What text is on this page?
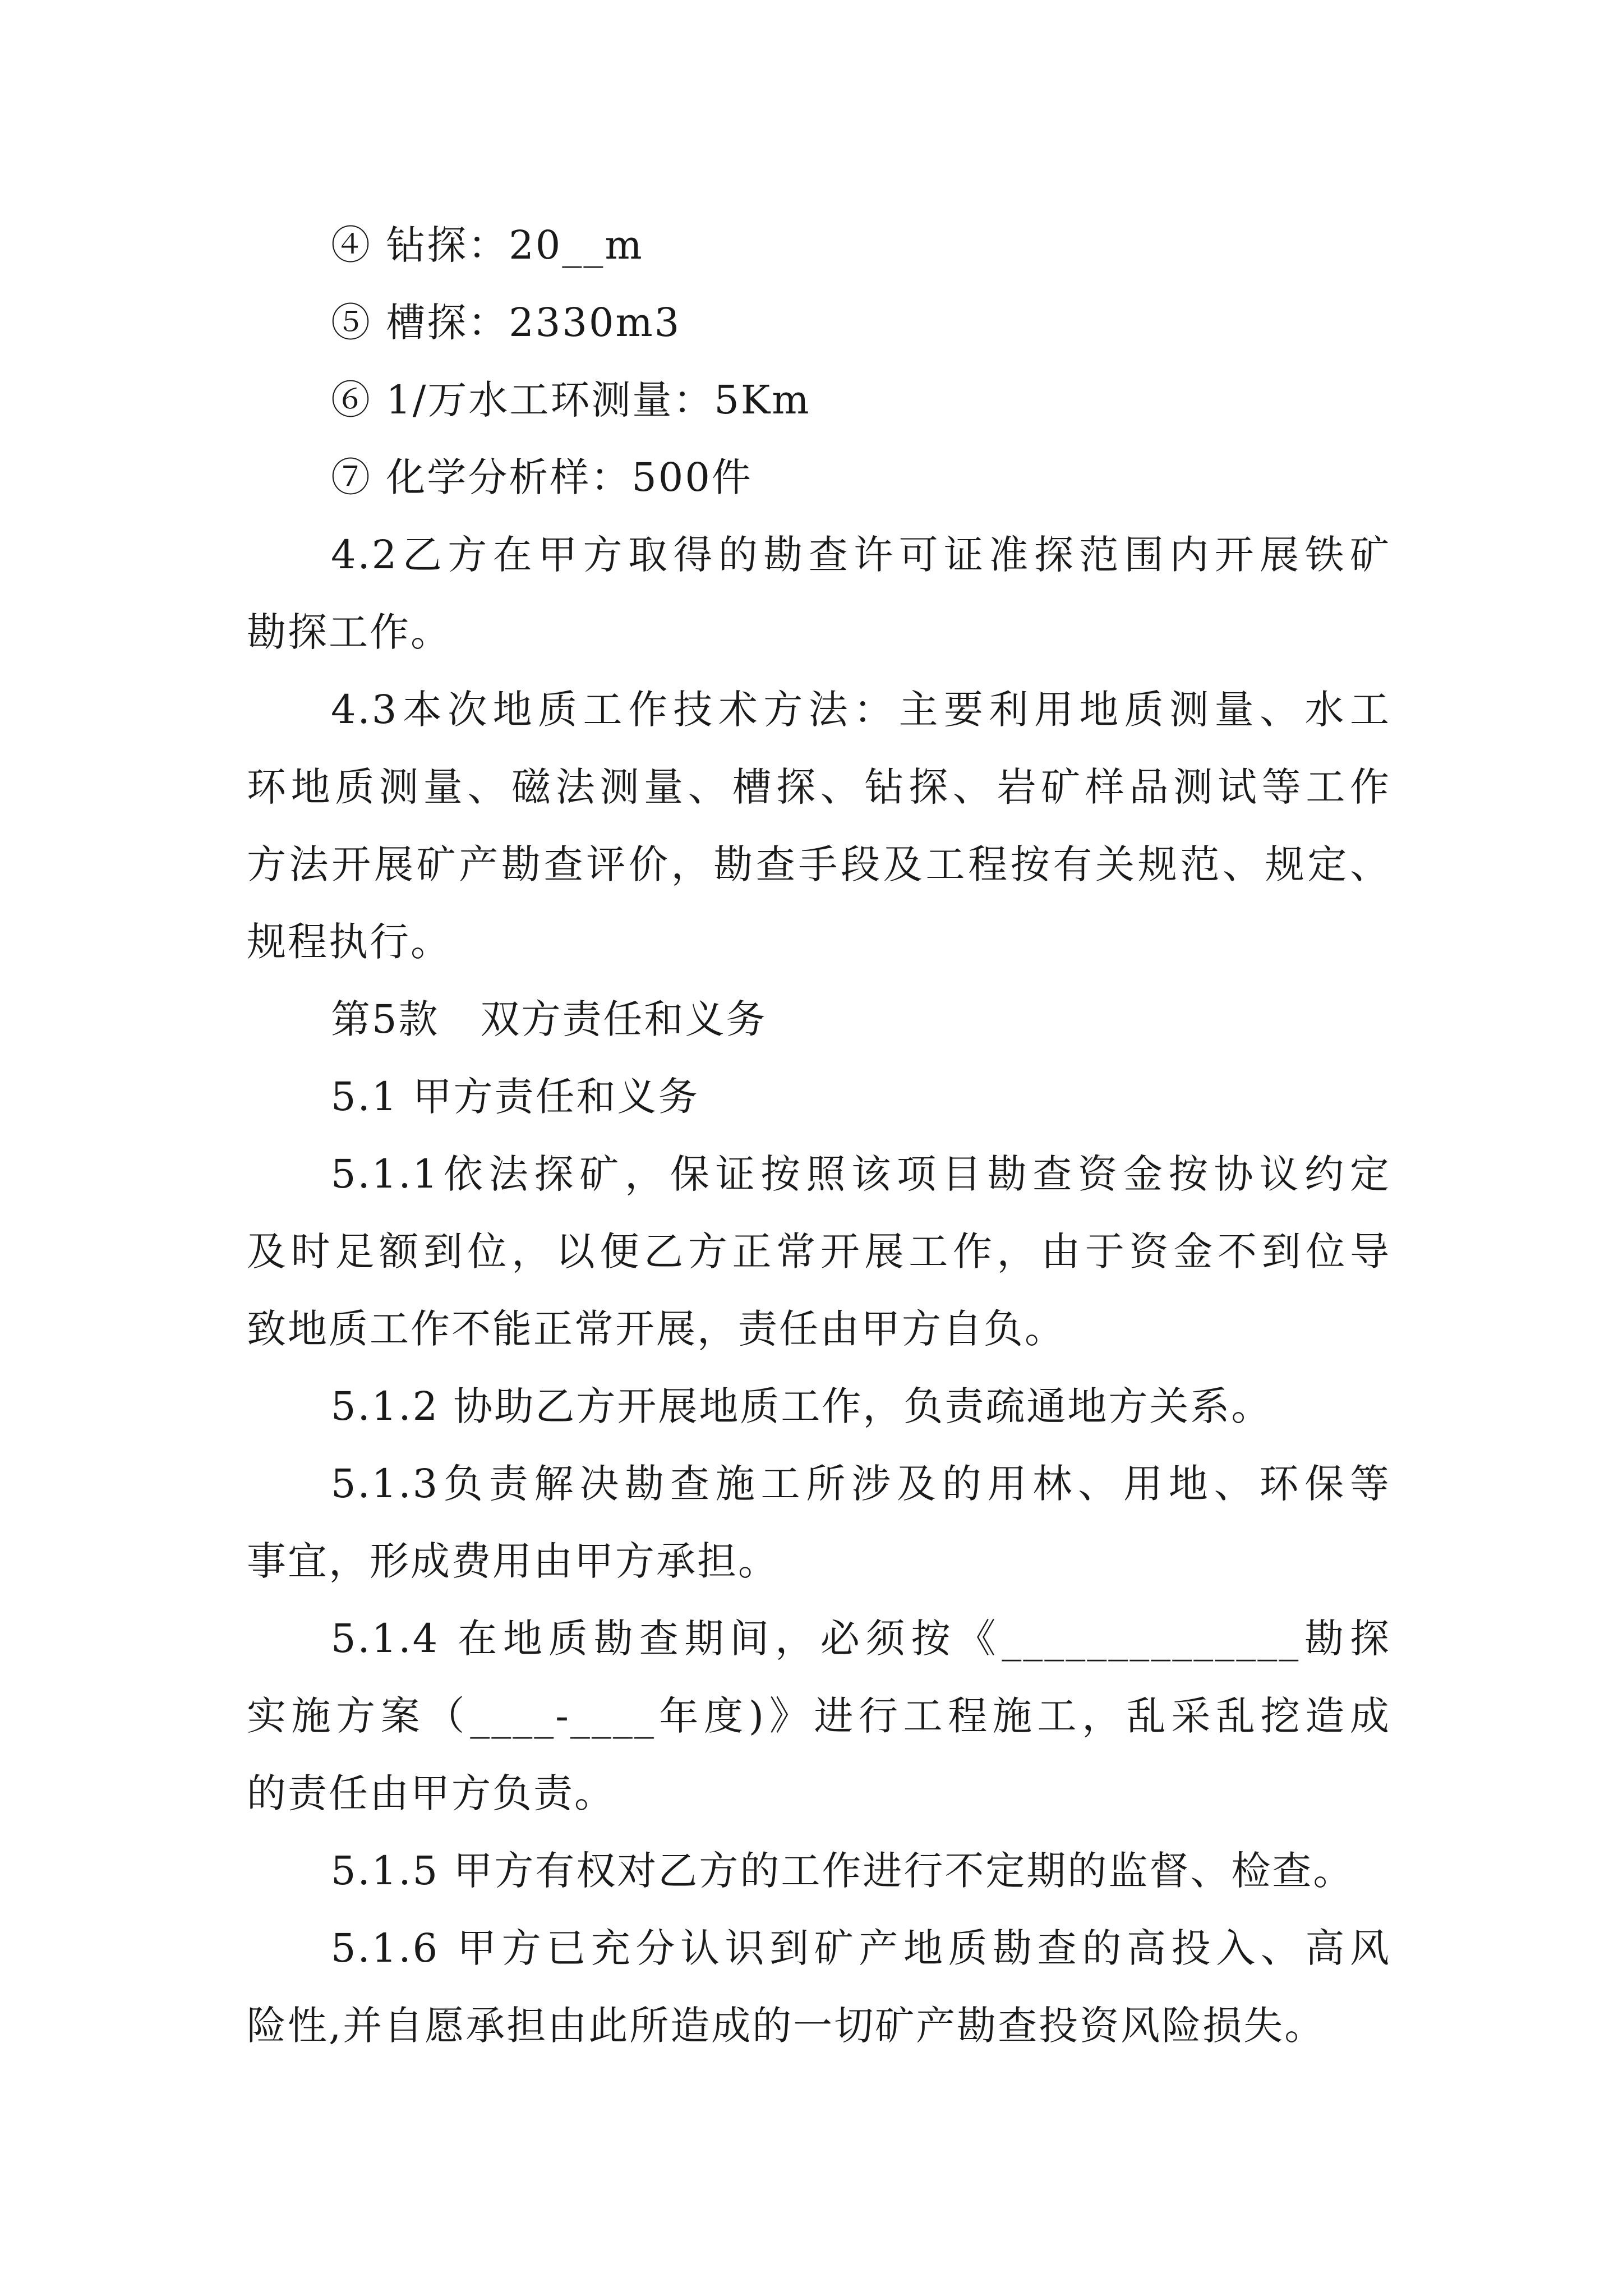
④ 钻探：20__m
⑤ 槽探：2330m3
⑥ 1/万水工环测量：5Km
⑦ 化学分析样：500件
4.2乙方在甲方取得的勘查许可证准探范围内开展铁矿
勘探工作。
4.3本次地质工作技术方法：主要利用地质测量、水工
环地质测量、磁法测量、槽探、钻探、岩矿样品测试等工作
方法开展矿产勘查评价，勘查手段及工程按有关规范、规定、
规程执行。
第5款　双方责任和义务
5.1 甲方责任和义务
5.1.1依法探矿，保证按照该项目勘查资金按协议约定
及时足额到位，以便乙方正常开展工作，由于资金不到位导
致地质工作不能正常开展，责任由甲方自负。
5.1.2 协助乙方开展地质工作，负责疏通地方关系。
5.1.3负责解决勘查施工所涉及的用林、用地、环保等
事宜，形成费用由甲方承担。
5.1.4 在地质勘查期间，必须按《______________勘探
实施方案（____-____年度)》进行工程施工，乱采乱挖造成
的责任由甲方负责。
5.1.5 甲方有权对乙方的工作进行不定期的监督、检查。
5.1.6 甲方已充分认识到矿产地质勘查的高投入、高风
险性,并自愿承担由此所造成的一切矿产勘查投资风险损失。
